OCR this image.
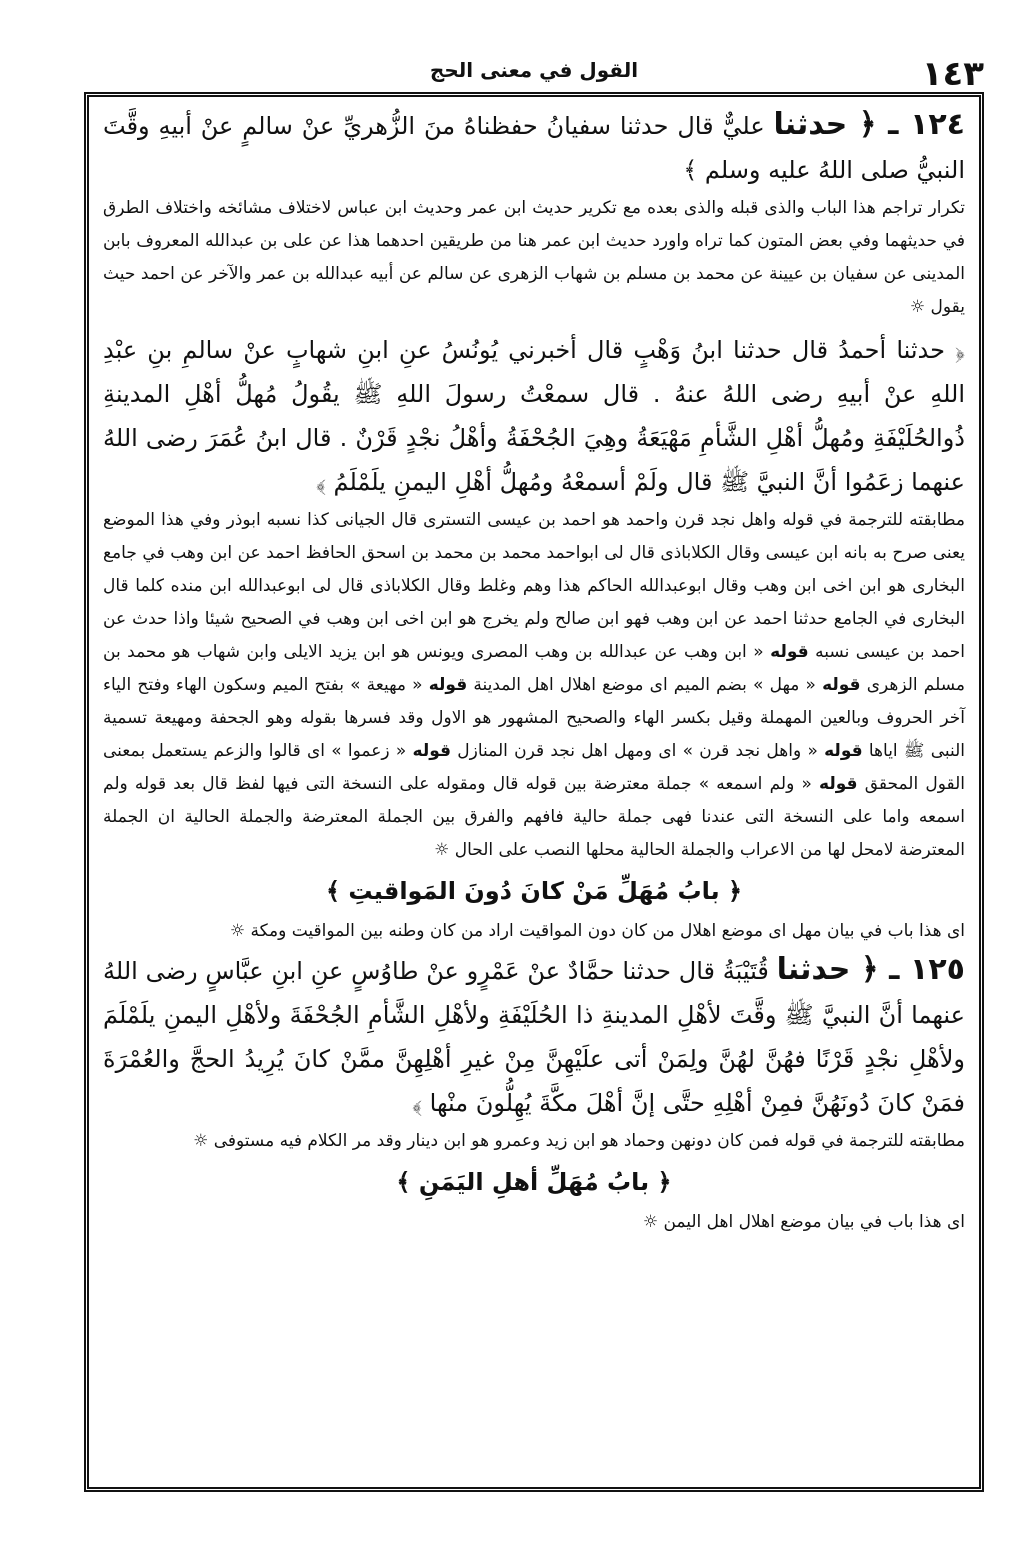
١٤٣
القول في معنى الحج

١٢٤ ـ ﴿ حدثنا عليٌّ قال حدثنا سفيانُ حفظناهُ منَ الزُّهريِّ عنْ سالمٍ عنْ أبيهِ وقَّتَ النبيُّ صلى اللهُ عليه وسلم ﴾

تكرار تراجم هذا الباب والذى قبله والذى بعده مع تكرير حديث ابن عمر وحديث ابن عباس لاختلاف مشائخه واختلاف الطرق في حديثهما وفي بعض المتون كما تراه واورد حديث ابن عمر هنا من طريقين احدهما هذا عن على بن عبدالله المعروف بابن المدينى عن سفيان بن عيينة عن محمد بن مسلم بن شهاب الزهرى عن سالم عن أبيه عبدالله بن عمر والآخر عن احمد حيث يقول ☼

﴿ حدثنا أحمدُ قال حدثنا ابنُ وَهْبٍ قال أخبرني يُونُسُ عنِ ابنِ شهابٍ عنْ سالمِ بنِ عبْدِ اللهِ عنْ أبيهِ رضى اللهُ عنهُ . قال سمعْتُ رسولَ اللهِ ﷺ يقُولُ مُهلُّ أهْلِ المدينةِ ذُوالحُلَيْفَةِ ومُهلُّ أهْلِ الشَّأمِ مَهْيَعَةُ وهِيَ الجُحْفَةُ وأهْلُ نجْدٍ قَرْنٌ . قال ابنُ عُمَرَ رضى اللهُ عنهما زعَمُوا أنَّ النبيَّ ﷺ قال ولَمْ أسمعْهُ ومُهلُّ أهْلِ اليمنِ يلَمْلَمُ ﴾

مطابقته للترجمة في قوله واهل نجد قرن واحمد هو احمد بن عيسى التسترى قال الجيانى كذا نسبه ابوذر وفي هذا الموضع يعنى صرح به بانه ابن عيسى وقال الكلاباذى قال لى ابواحمد محمد بن محمد بن اسحق الحافظ احمد عن ابن وهب في جامع البخارى هو ابن اخى ابن وهب وقال ابوعبدالله الحاكم هذا وهم وغلط وقال الكلاباذى قال لى ابوعبدالله ابن منده كلما قال البخارى في الجامع حدثنا احمد عن ابن وهب فهو ابن صالح ولم يخرج هو ابن اخى ابن وهب في الصحيح شيئا واذا حدث عن احمد بن عيسى نسبه قوله « ابن وهب عن عبدالله بن وهب المصرى ويونس هو ابن يزيد الايلى وابن شهاب هو محمد بن مسلم الزهرى قوله « مهل » بضم الميم اى موضع اهلال اهل المدينة قوله « مهيعة » بفتح الميم وسكون الهاء وفتح الياء آخر الحروف وبالعين المهملة وقيل بكسر الهاء والصحيح المشهور هو الاول وقد فسرها بقوله وهو الجحفة ومهيعة تسمية النبى ﷺ اياها قوله « واهل نجد قرن » اى ومهل اهل نجد قرن المنازل قوله « زعموا » اى قالوا والزعم يستعمل بمعنى القول المحقق قوله « ولم اسمعه » جملة معترضة بين قوله قال ومقوله على النسخة التى فيها لفظ قال بعد قوله ولم اسمعه واما على النسخة التى عندنا فهى جملة حالية فافهم والفرق بين الجملة المعترضة والجملة الحالية ان الجملة المعترضة لامحل لها من الاعراب والجملة الحالية محلها النصب على الحال ☼

﴿ بابُ مُهَلِّ مَنْ كانَ دُونَ المَواقيتِ ﴾

اى هذا باب في بيان مهل اى موضع اهلال من كان دون المواقيت اراد من كان وطنه بين المواقيت ومكة ☼

١٢٥ ـ ﴿ حدثنا قُتَيْبَةُ قال حدثنا حمَّادٌ عنْ عَمْرٍو عنْ طاوُسٍ عنِ ابنِ عبَّاسٍ رضى اللهُ عنهما أنَّ النبيَّ ﷺ وقَّتَ لأهْلِ المدينةِ ذا الحُلَيْفَةِ ولأهْلِ الشَّأمِ الجُحْفَةَ ولأهْلِ اليمنِ يلَمْلَمَ ولأهْلِ نجْدٍ قَرْنًا فهُنَّ لهُنَّ ولِمَنْ أتى علَيْهِنَّ مِنْ غيرِ أهْلِهِنَّ ممَّنْ كانَ يُرِيدُ الحجَّ والعُمْرَةَ فمَنْ كانَ دُونَهُنَّ فمِنْ أهْلِهِ حتَّى إنَّ أهْلَ مكَّةَ يُهِلُّونَ منْها ﴾

مطابقته للترجمة في قوله فمن كان دونهن وحماد هو ابن زيد وعمرو هو ابن دينار وقد مر الكلام فيه مستوفى ☼

﴿ بابُ مُهَلِّ أهلِ اليَمَنِ ﴾

اى هذا باب في بيان موضع اهلال اهل اليمن ☼
